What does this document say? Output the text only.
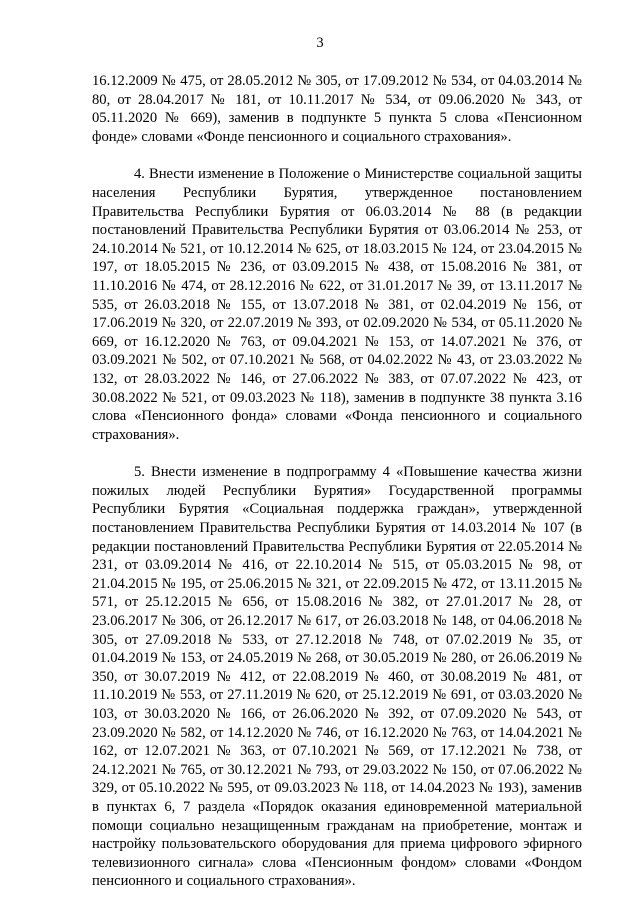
3

16.12.2009 № 475, от 28.05.2012 № 305, от 17.09.2012 № 534, от 04.03.2014 № 80, от 28.04.2017 № 181, от 10.11.2017 № 534, от 09.06.2020 № 343, от 05.11.2020 № 669), заменив в подпункте 5 пункта 5 слова «Пенсионном фонде» словами «Фонде пенсионного и социального страхования».

4. Внести изменение в Положение о Министерстве социальной защиты населения Республики Бурятия, утвержденное постановлением Правительства Республики Бурятия от 06.03.2014 № 88 (в редакции постановлений Правительства Республики Бурятия от 03.06.2014 № 253, от 24.10.2014 № 521, от 10.12.2014 № 625, от 18.03.2015 № 124, от 23.04.2015 № 197, от 18.05.2015 № 236, от 03.09.2015 № 438, от 15.08.2016 № 381, от 11.10.2016 № 474, от 28.12.2016 № 622, от 31.01.2017 № 39, от 13.11.2017 № 535, от 26.03.2018 № 155, от 13.07.2018 № 381, от 02.04.2019 № 156, от 17.06.2019 № 320, от 22.07.2019 № 393, от 02.09.2020 № 534, от 05.11.2020 № 669, от 16.12.2020 № 763, от 09.04.2021 № 153, от 14.07.2021 № 376, от 03.09.2021 № 502, от 07.10.2021 № 568, от 04.02.2022 № 43, от 23.03.2022 № 132, от 28.03.2022 № 146, от 27.06.2022 № 383, от 07.07.2022 № 423, от 30.08.2022 № 521, от 09.03.2023 № 118), заменив в подпункте 38 пункта 3.16 слова «Пенсионного фонда» словами «Фонда пенсионного и социального страхования».

5. Внести изменение в подпрограмму 4 «Повышение качества жизни пожилых людей Республики Бурятия» Государственной программы Республики Бурятия «Социальная поддержка граждан», утвержденной постановлением Правительства Республики Бурятия от 14.03.2014 № 107 (в редакции постановлений Правительства Республики Бурятия от 22.05.2014 № 231, от 03.09.2014 № 416, от 22.10.2014 № 515, от 05.03.2015 № 98, от 21.04.2015 № 195, от 25.06.2015 № 321, от 22.09.2015 № 472, от 13.11.2015 № 571, от 25.12.2015 № 656, от 15.08.2016 № 382, от 27.01.2017 № 28, от 23.06.2017 № 306, от 26.12.2017 № 617, от 26.03.2018 № 148, от 04.06.2018 № 305, от 27.09.2018 № 533, от 27.12.2018 № 748, от 07.02.2019 № 35, от 01.04.2019 № 153, от 24.05.2019 № 268, от 30.05.2019 № 280, от 26.06.2019 № 350, от 30.07.2019 № 412, от 22.08.2019 № 460, от 30.08.2019 № 481, от 11.10.2019 № 553, от 27.11.2019 № 620, от 25.12.2019 № 691, от 03.03.2020 № 103, от 30.03.2020 № 166, от 26.06.2020 № 392, от 07.09.2020 № 543, от 23.09.2020 № 582, от 14.12.2020 № 746, от 16.12.2020 № 763, от 14.04.2021 № 162, от 12.07.2021 № 363, от 07.10.2021 № 569, от 17.12.2021 № 738, от 24.12.2021 № 765, от 30.12.2021 № 793, от 29.03.2022 № 150, от 07.06.2022 № 329, от 05.10.2022 № 595, от 09.03.2023 № 118, от 14.04.2023 № 193), заменив в пунктах 6, 7 раздела «Порядок оказания единовременной материальной помощи социально незащищенным гражданам на приобретение, монтаж и настройку пользовательского оборудования для приема цифрового эфирного телевизионного сигнала» слова «Пенсионным фондом» словами «Фондом пенсионного и социального страхования».
